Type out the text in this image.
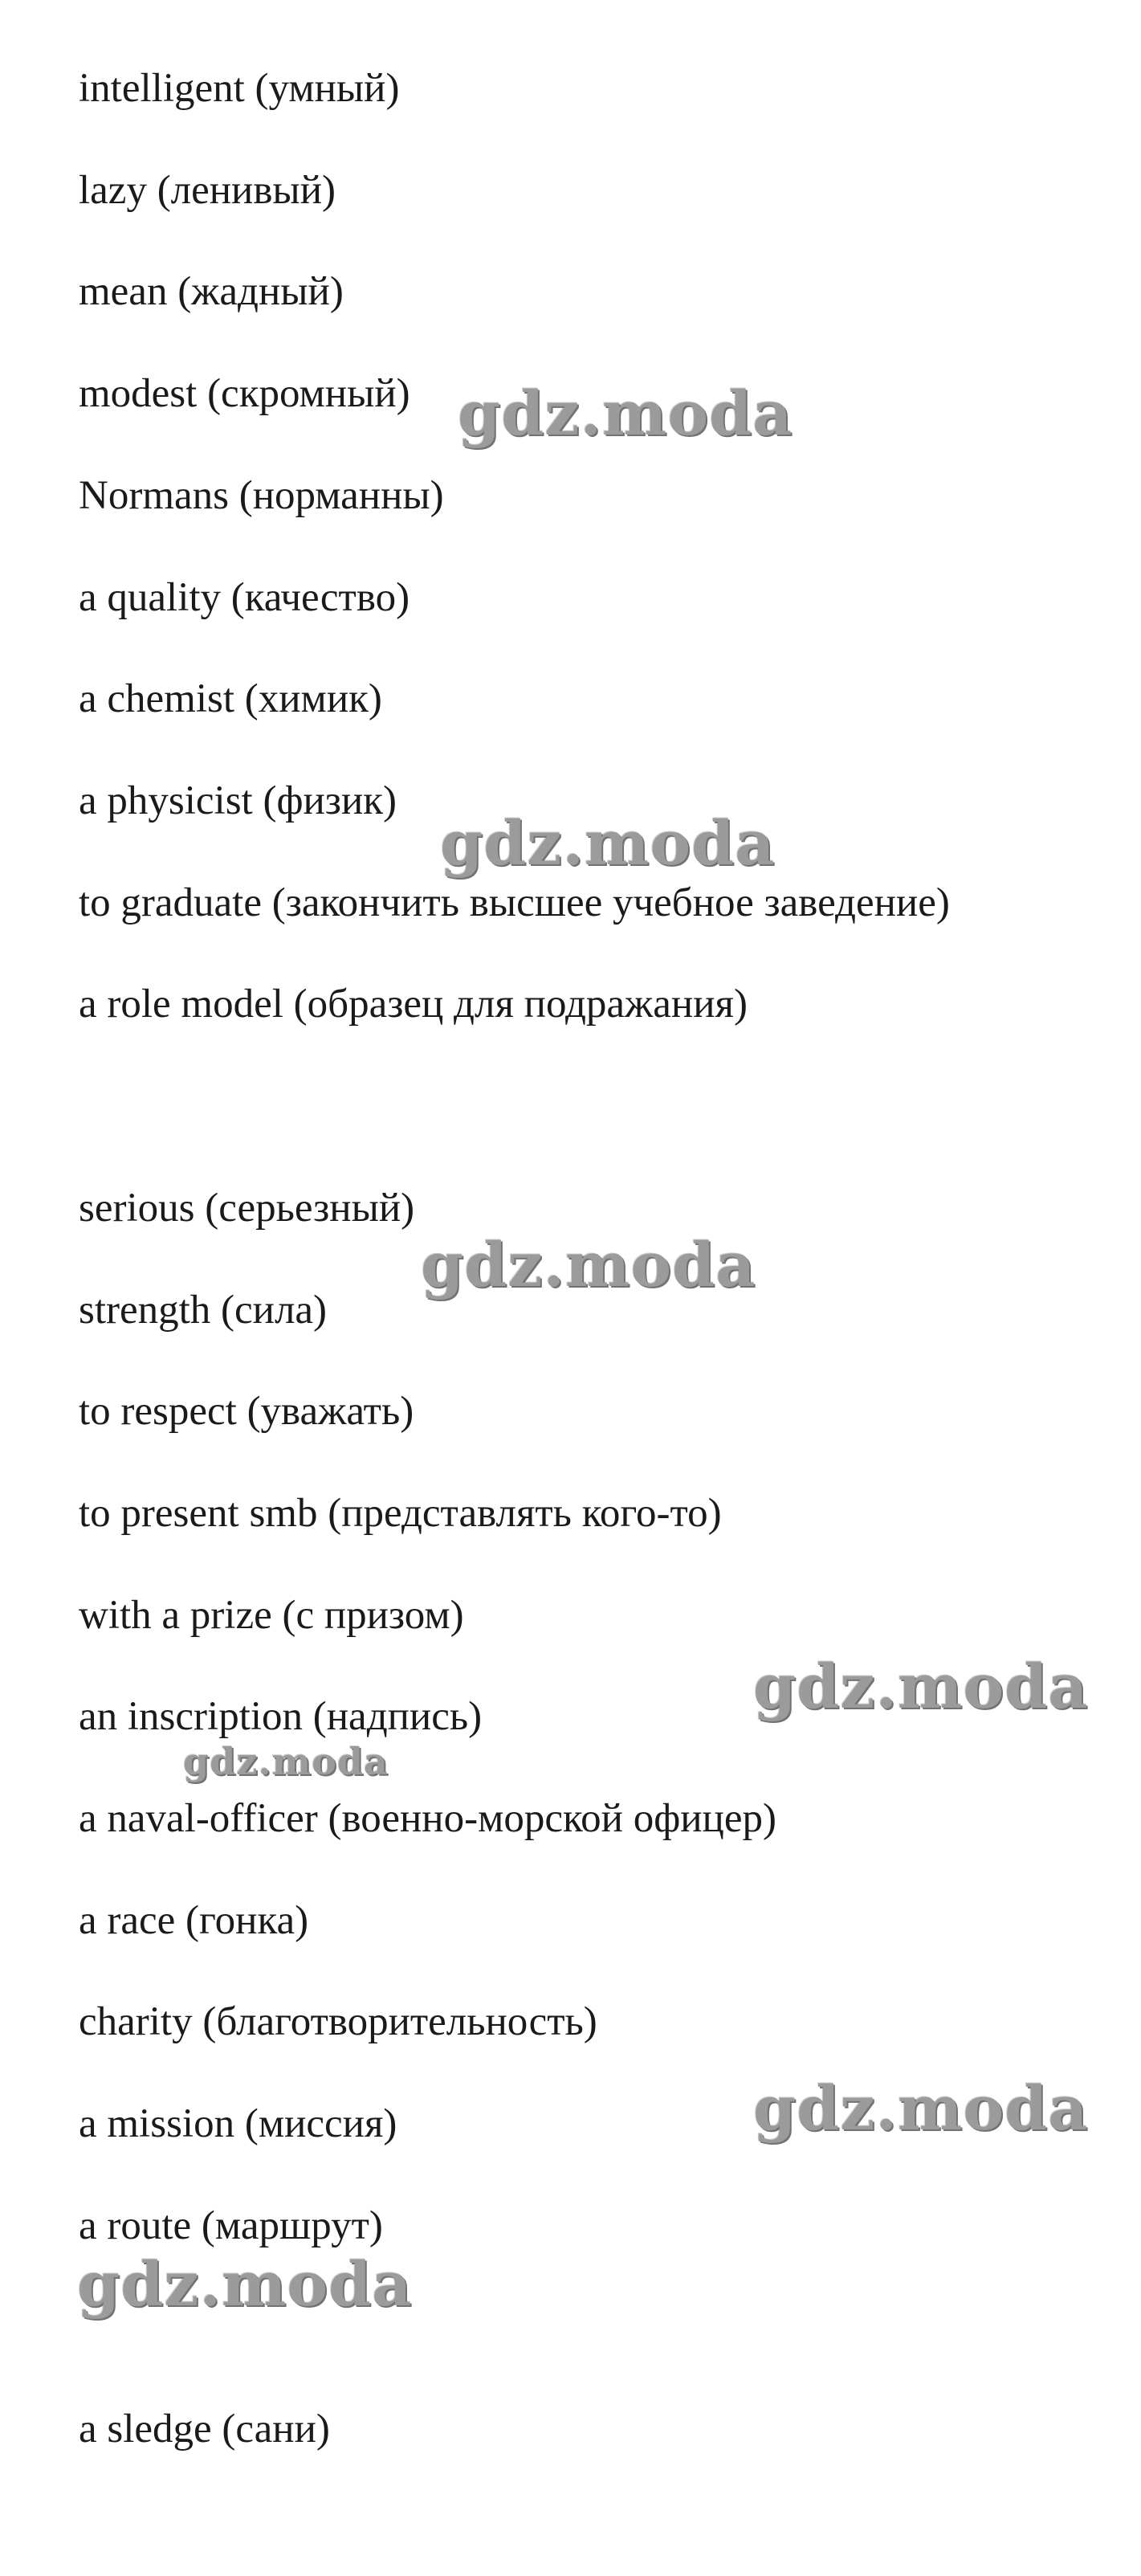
intelligent (умный)
lazy (ленивый)
mean (жадный)
modest (скромный)
Normans (норманны)
a quality (качество)
a chemist (химик)
a physicist (физик)
to graduate (закончить высшее учебное заведение)
a role model (образец для подражания)
serious (серьезный)
strength (сила)
to respect (уважать)
to present smb (представлять кого-то)
with a prize (с призом)
an inscription (надпись)
a naval-officer (военно-морской офицер)
a race (гонка)
charity (благотворительность)
a mission (миссия)
a route (маршрут)
a sledge (сани)
gdz.moda
gdz.moda
gdz.moda
gdz.moda
gdz.moda
gdz.moda
gdz.moda
